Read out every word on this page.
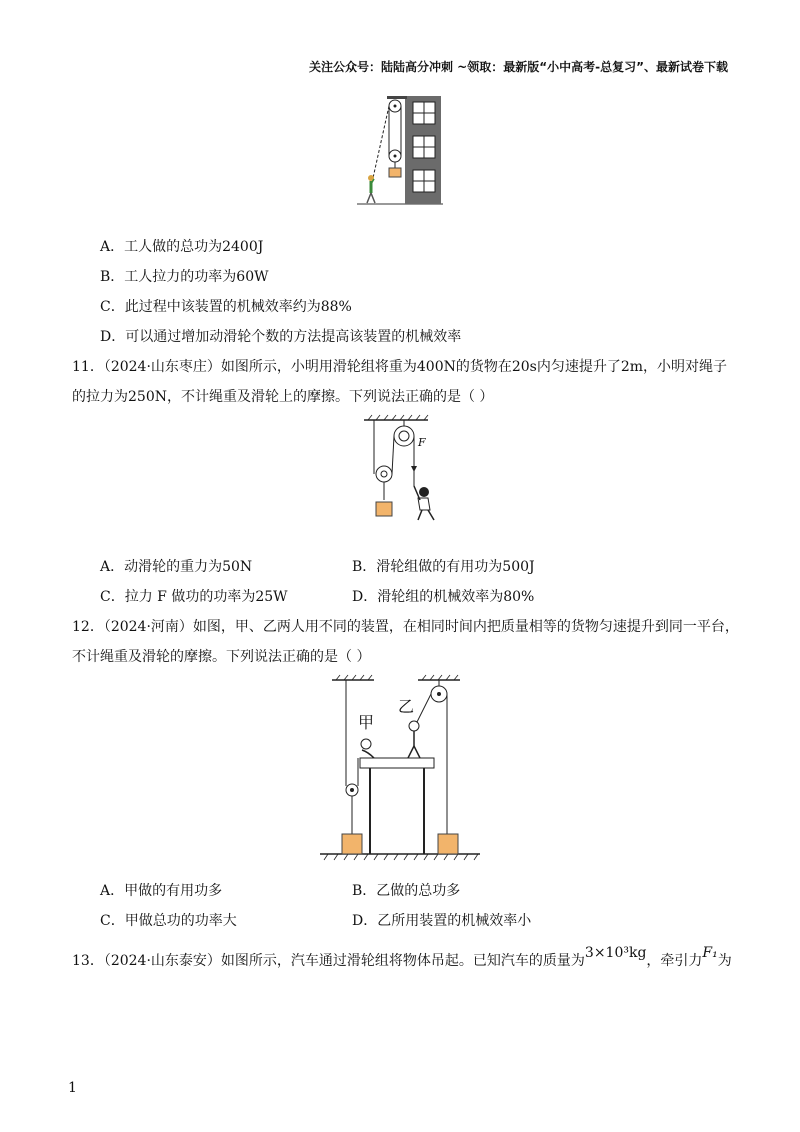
关注公众号：陆陆高分冲刺 ~领取：最新版“小中高考-总复习”、最新试卷下载
A．工人做的总功为2400J
B．工人拉力的功率为60W
C．此过程中该装置的机械效率约为88%
D．可以通过增加动滑轮个数的方法提高该装置的机械效率
11．（2024·山东枣庄）如图所示，小明用滑轮组将重为400N的货物在20s内匀速提升了2m，小明对绳子
的拉力为250N，不计绳重及滑轮上的摩擦。下列说法正确的是（ ）
F
A．动滑轮的重力为50N	B．滑轮组做的有用功为500J
C．拉力 F 做功的功率为25W	D．滑轮组的机械效率为80%
12．（2024·河南）如图，甲、乙两人用不同的装置，在相同时间内把质量相等的货物匀速提升到同一平台，
不计绳重及滑轮的摩擦。下列说法正确的是（ ）
甲
乙
A．甲做的有用功多	B．乙做的总功多
C．甲做总功的功率大	D．乙所用装置的机械效率小
13．（2024·山东泰安）如图所示，汽车通过滑轮组将物体吊起。已知汽车的质量为3×10³kg，牵引力F₁为
1
